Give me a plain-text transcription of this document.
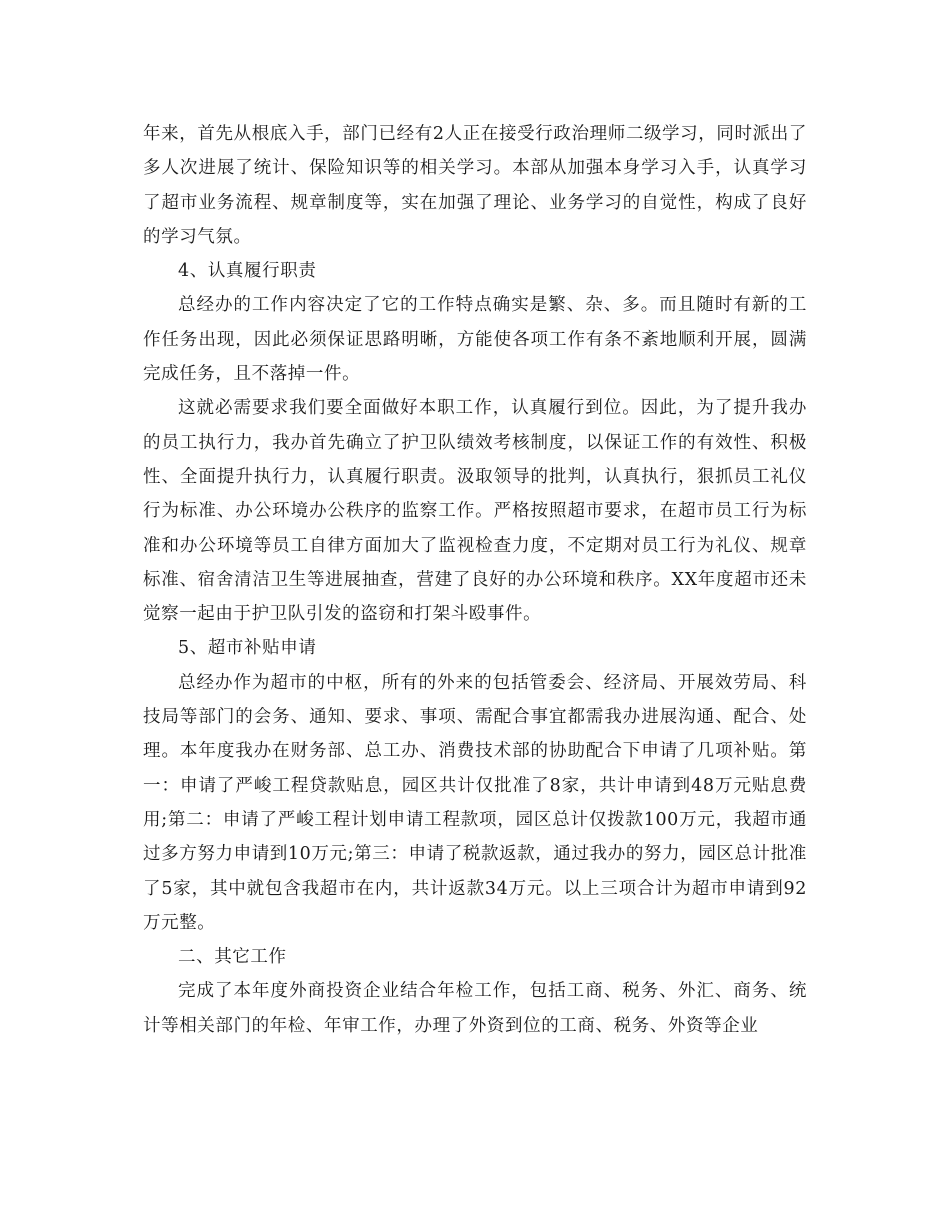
年来，首先从根底入手，部门已经有2人正在接受行政治理师二级学习，同时派出了多人次进展了统计、保险知识等的相关学习。本部从加强本身学习入手，认真学习了超市业务流程、规章制度等，实在加强了理论、业务学习的自觉性，构成了良好的学习气氛。

4、认真履行职责

总经办的工作内容决定了它的工作特点确实是繁、杂、多。而且随时有新的工作任务出现，因此必须保证思路明晰，方能使各项工作有条不紊地顺利开展，圆满完成任务，且不落掉一件。

这就必需要求我们要全面做好本职工作，认真履行到位。因此，为了提升我办的员工执行力，我办首先确立了护卫队绩效考核制度，以保证工作的有效性、积极性、全面提升执行力，认真履行职责。汲取领导的批判，认真执行，狠抓员工礼仪行为标准、办公环境办公秩序的监察工作。严格按照超市要求，在超市员工行为标准和办公环境等员工自律方面加大了监视检查力度，不定期对员工行为礼仪、规章标准、宿舍清洁卫生等进展抽查，营建了良好的办公环境和秩序。XX年度超市还未觉察一起由于护卫队引发的盗窃和打架斗殴事件。

5、超市补贴申请

总经办作为超市的中枢，所有的外来的包括管委会、经济局、开展效劳局、科技局等部门的会务、通知、要求、事项、需配合事宜都需我办进展沟通、配合、处理。本年度我办在财务部、总工办、消费技术部的协助配合下申请了几项补贴。第一：申请了严峻工程贷款贴息，园区共计仅批准了8家，共计申请到48万元贴息费用;第二：申请了严峻工程计划申请工程款项，园区总计仅拨款100万元，我超市通过多方努力申请到10万元;第三：申请了税款返款，通过我办的努力，园区总计批准了5家，其中就包含我超市在内，共计返款34万元。以上三项合计为超市申请到92万元整。

二、其它工作

完成了本年度外商投资企业结合年检工作，包括工商、税务、外汇、商务、统计等相关部门的年检、年审工作，办理了外资到位的工商、税务、外资等企业
